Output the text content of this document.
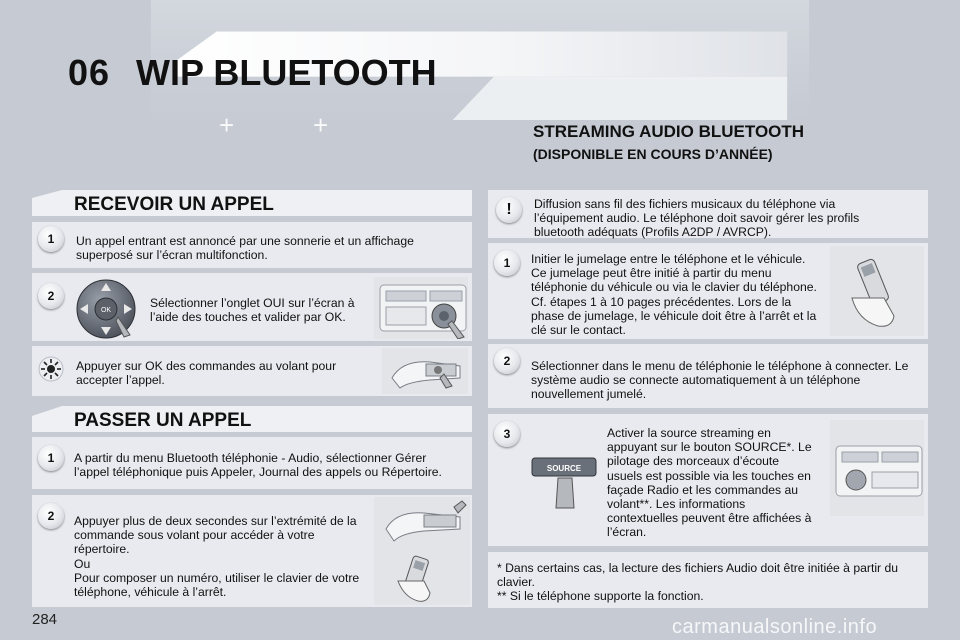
06 WIP BLUETOOTH
+	+
RECEVOIR UN APPEL
1	Un appel entrant est annoncé par une sonnerie et un affichage superposé sur l’écran multifonction.
2
OK
Sélectionner l’onglet OUI sur l’écran à l’aide des touches et valider par OK.
Appuyer sur OK des commandes au volant pour accepter l’appel.
PASSER UN APPEL
1	A partir du menu Bluetooth téléphonie - Audio, sélectionner Gérer l’appel téléphonique puis Appeler, Journal des appels ou Répertoire.
2	Appuyer plus de deux secondes sur l’extrémité de la commande sous volant pour accéder à votre répertoire.
Ou
Pour composer un numéro, utiliser le clavier de votre téléphone, véhicule à l’arrêt.
STREAMING AUDIO BLUETOOTH
(DISPONIBLE EN COURS D’ANNÉE)
!	Diffusion sans fil des fichiers musicaux du téléphone via l’équipement audio. Le téléphone doit savoir gérer les profils bluetooth adéquats (Profils A2DP / AVRCP).
1	Initier le jumelage entre le téléphone et le véhicule. Ce jumelage peut être initié à partir du menu téléphonie du véhicule ou via le clavier du téléphone. Cf. étapes 1 à 10 pages précédentes. Lors de la phase de jumelage, le véhicule doit être à l’arrêt et la clé sur le contact.
2	Sélectionner dans le menu de téléphonie le téléphone à connecter. Le système audio se connecte automatiquement à un téléphone nouvellement jumelé.
3
SOURCE
Activer la source streaming en appuyant sur le bouton SOURCE*. Le pilotage des morceaux d’écoute usuels est possible via les touches en façade Radio et les commandes au volant**. Les informations contextuelles peuvent être affichées à l’écran.
* Dans certains cas, la lecture des fichiers Audio doit être initiée à partir du clavier.
** Si le téléphone supporte la fonction.
284	carmanualsonline.info
